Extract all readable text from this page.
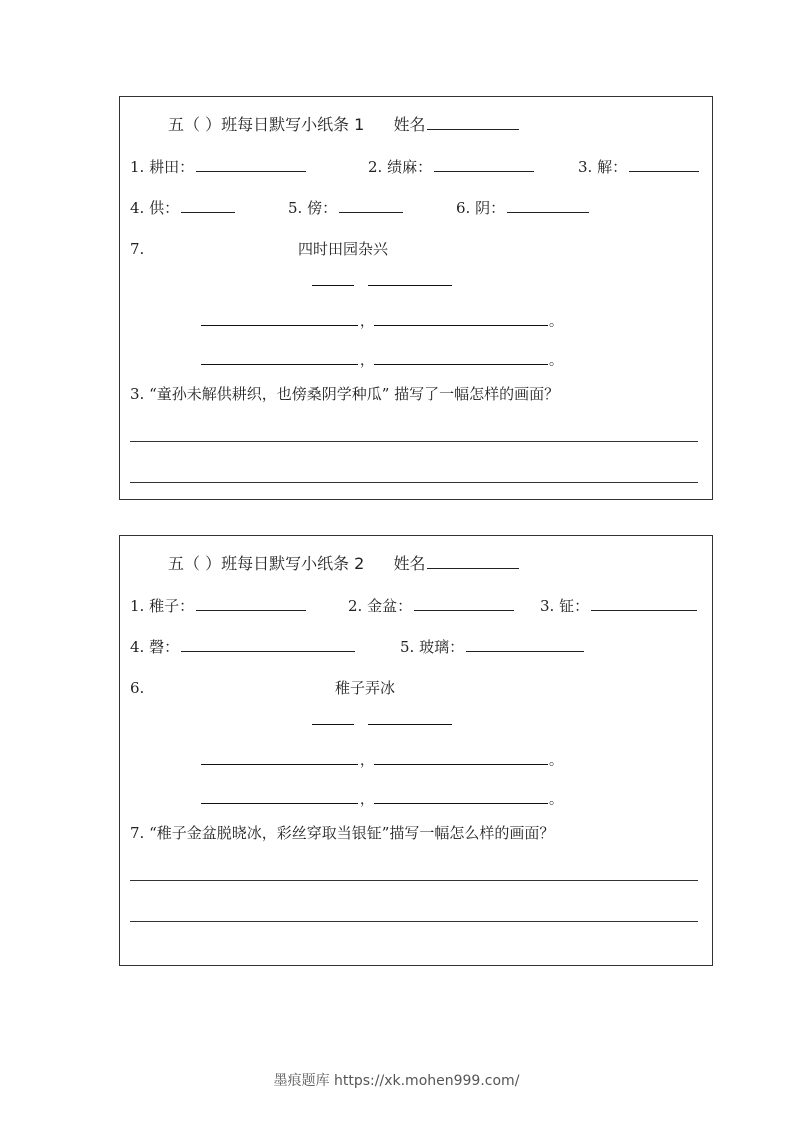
五（ ）班每日默写小纸条 1 姓名
1. 耕田：	2. 绩麻：	3. 解：
4. 供：	5. 傍：	6. 阴：
7.	四时田园杂兴
，	。
，	。
3. “童孙未解供耕织，也傍桑阴学种瓜” 描写了一幅怎样的画面？
五（ ）班每日默写小纸条 2 姓名
1. 稚子：	2. 金盆：	3. 钲：
4. 磬：	5. 玻璃：
6.	稚子弄冰
，	。
，	。
7. “稚子金盆脱晓冰，彩丝穿取当银钲”描写一幅怎么样的画面？
墨痕题库 https://xk.mohen999.com/
